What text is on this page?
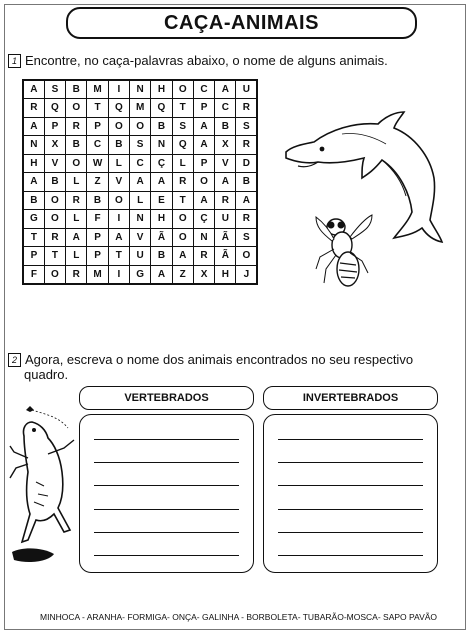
CAÇA-ANIMAIS
1 Encontre, no caça-palavras abaixo, o nome de alguns animais.
A	S	B	M	I	N	H	O	C	A	U
R	Q	O	T	Q	M	Q	T	P	C	R
A	P	R	P	O	O	B	S	A	B	S
N	X	B	C	B	S	N	Q	A	X	R
H	V	O	W	L	C	Ç	L	P	V	D
A	B	L	Z	V	A	A	R	O	A	B
B	O	R	B	O	L	E	T	A	R	A
G	O	L	F	I	N	H	O	Ç	U	R
T	R	A	P	A	V	Ã	O	N	Ã	S
P	T	L	P	T	U	B	A	R	Ã	O
F	O	R	M	I	G	A	Z	X	H	J
2 Agora, escreva o nome dos animais encontrados no seu respectivo
quadro.
VERTEBRADOS	INVERTEBRADOS
MINHOCA - ARANHA- FORMIGA- ONÇA- GALINHA - BORBOLETA- TUBARÃO-MOSCA- SAPO PAVÃO
